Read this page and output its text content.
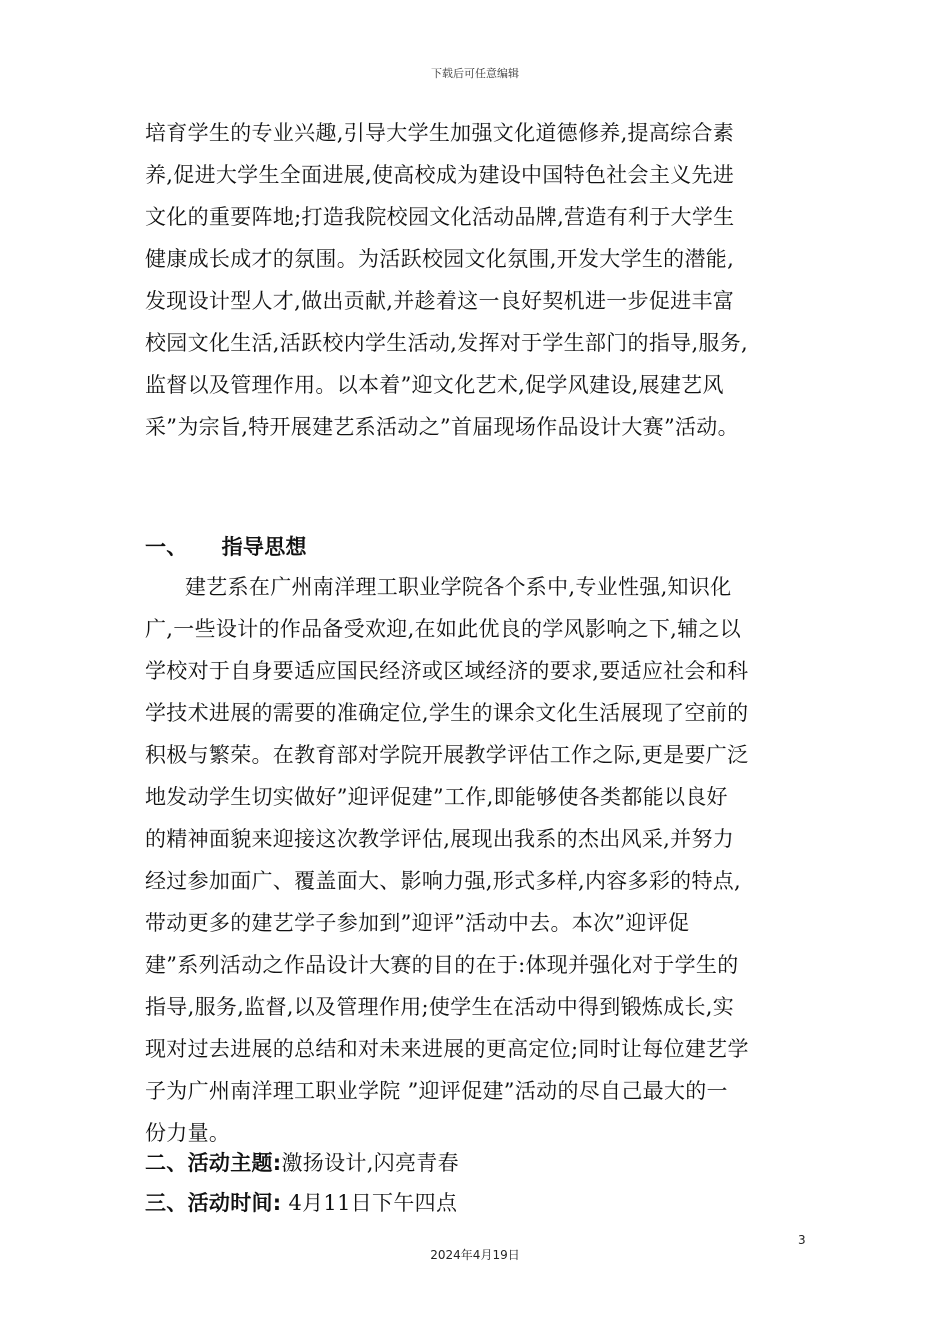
下载后可任意编辑
培育学生的专业兴趣,引导大学生加强文化道德修养,提高综合素
养,促进大学生全面进展,使高校成为建设中国特色社会主义先进
文化的重要阵地;打造我院校园文化活动品牌,营造有利于大学生
健康成长成才的氛围。为活跃校园文化氛围,开发大学生的潜能,
发现设计型人才,做出贡献,并趁着这一良好契机进一步促进丰富
校园文化生活,活跃校内学生活动,发挥对于学生部门的指导,服务,
监督以及管理作用。以本着”迎文化艺术,促学风建设,展建艺风
采”为宗旨,特开展建艺系活动之”首届现场作品设计大赛”活动。
一、 指导思想
建艺系在广州南洋理工职业学院各个系中,专业性强,知识化
广,一些设计的作品备受欢迎,在如此优良的学风影响之下,辅之以
学校对于自身要适应国民经济或区域经济的要求,要适应社会和科
学技术进展的需要的准确定位,学生的课余文化生活展现了空前的
积极与繁荣。在教育部对学院开展教学评估工作之际,更是要广泛
地发动学生切实做好”迎评促建”工作,即能够使各类都能以良好
的精神面貌来迎接这次教学评估,展现出我系的杰出风采,并努力
经过参加面广、覆盖面大、影响力强,形式多样,内容多彩的特点,
带动更多的建艺学子参加到”迎评”活动中去。本次”迎评促
建”系列活动之作品设计大赛的目的在于:体现并强化对于学生的
指导,服务,监督,以及管理作用;使学生在活动中得到锻炼成长,实
现对过去进展的总结和对未来进展的更高定位;同时让每位建艺学
子为广州南洋理工职业学院 ”迎评促建”活动的尽自己最大的一
份力量。
二、活动主题:激扬设计,闪亮青春
三、活动时间: 4月11日下午四点
3
2024年4月19日
